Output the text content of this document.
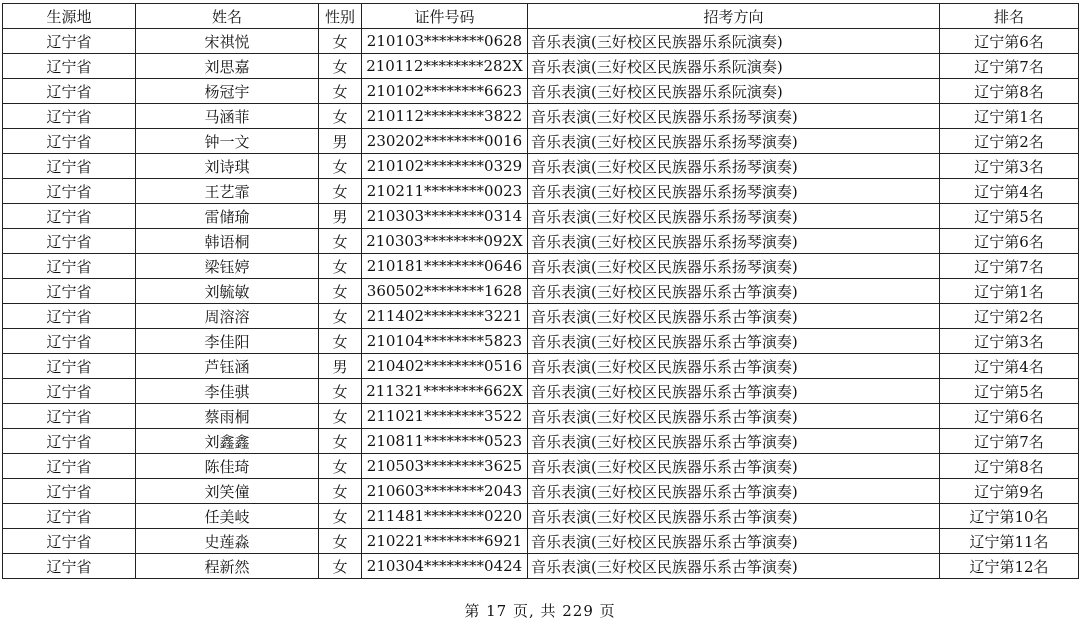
生源地	姓名	性别	证件号码	招考方向	排名
辽宁省	宋祺悦	女	210103********0628	音乐表演(三好校区民族器乐系阮演奏)	辽宁第6名
辽宁省	刘思嘉	女	210112********282X	音乐表演(三好校区民族器乐系阮演奏)	辽宁第7名
辽宁省	杨冠宇	女	210102********6623	音乐表演(三好校区民族器乐系阮演奏)	辽宁第8名
辽宁省	马涵菲	女	210112********3822	音乐表演(三好校区民族器乐系扬琴演奏)	辽宁第1名
辽宁省	钟一文	男	230202********0016	音乐表演(三好校区民族器乐系扬琴演奏)	辽宁第2名
辽宁省	刘诗琪	女	210102********0329	音乐表演(三好校区民族器乐系扬琴演奏)	辽宁第3名
辽宁省	王艺霏	女	210211********0023	音乐表演(三好校区民族器乐系扬琴演奏)	辽宁第4名
辽宁省	雷储瑜	男	210303********0314	音乐表演(三好校区民族器乐系扬琴演奏)	辽宁第5名
辽宁省	韩语桐	女	210303********092X	音乐表演(三好校区民族器乐系扬琴演奏)	辽宁第6名
辽宁省	梁钰婷	女	210181********0646	音乐表演(三好校区民族器乐系扬琴演奏)	辽宁第7名
辽宁省	刘毓敏	女	360502********1628	音乐表演(三好校区民族器乐系古筝演奏)	辽宁第1名
辽宁省	周溶溶	女	211402********3221	音乐表演(三好校区民族器乐系古筝演奏)	辽宁第2名
辽宁省	李佳阳	女	210104********5823	音乐表演(三好校区民族器乐系古筝演奏)	辽宁第3名
辽宁省	芦钰涵	男	210402********0516	音乐表演(三好校区民族器乐系古筝演奏)	辽宁第4名
辽宁省	李佳骐	女	211321********662X	音乐表演(三好校区民族器乐系古筝演奏)	辽宁第5名
辽宁省	蔡雨桐	女	211021********3522	音乐表演(三好校区民族器乐系古筝演奏)	辽宁第6名
辽宁省	刘鑫鑫	女	210811********0523	音乐表演(三好校区民族器乐系古筝演奏)	辽宁第7名
辽宁省	陈佳琦	女	210503********3625	音乐表演(三好校区民族器乐系古筝演奏)	辽宁第8名
辽宁省	刘笑僮	女	210603********2043	音乐表演(三好校区民族器乐系古筝演奏)	辽宁第9名
辽宁省	任美岐	女	211481********0220	音乐表演(三好校区民族器乐系古筝演奏)	辽宁第10名
辽宁省	史莲淼	女	210221********6921	音乐表演(三好校区民族器乐系古筝演奏)	辽宁第11名
辽宁省	程新然	女	210304********0424	音乐表演(三好校区民族器乐系古筝演奏)	辽宁第12名
第 17 页, 共 229 页
